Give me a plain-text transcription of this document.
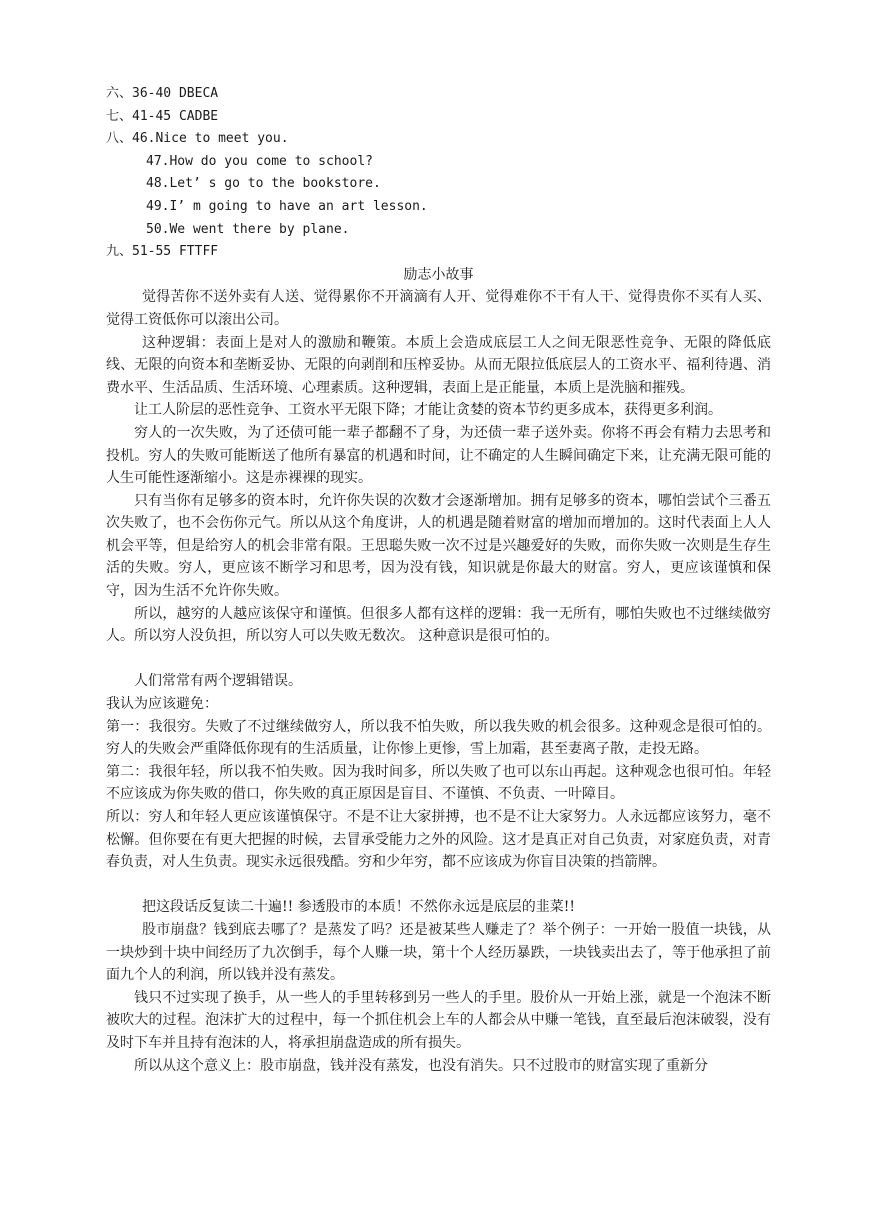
六、36-40 DBECA
七、41-45 CADBE
八、46.Nice to meet you.
47.How do you come to school?
48.Let’ s go to the bookstore.
49.I’ m going to have an art lesson.
50.We went there by plane.
九、51-55 FTTFF
励志小故事

觉得苦你不送外卖有人送、觉得累你不开滴滴有人开、觉得难你不干有人干、觉得贵你不买有人买、觉得工资低你可以滚出公司。

这种逻辑：表面上是对人的激励和鞭策。本质上会造成底层工人之间无限恶性竞争、无限的降低底线、无限的向资本和垄断妥协、无限的向剥削和压榨妥协。从而无限拉低底层人的工资水平、福利待遇、消费水平、生活品质、生活环境、心理素质。这种逻辑，表面上是正能量，本质上是洗脑和摧残。

让工人阶层的恶性竞争、工资水平无限下降；才能让贪婪的资本节约更多成本，获得更多利润。

穷人的一次失败，为了还债可能一辈子都翻不了身，为还债一辈子送外卖。你将不再会有精力去思考和投机。穷人的失败可能断送了他所有暴富的机遇和时间，让不确定的人生瞬间确定下来，让充满无限可能的人生可能性逐渐缩小。这是赤裸裸的现实。

只有当你有足够多的资本时，允许你失误的次数才会逐渐增加。拥有足够多的资本，哪怕尝试个三番五次失败了，也不会伤你元气。所以从这个角度讲，人的机遇是随着财富的增加而增加的。这时代表面上人人机会平等，但是给穷人的机会非常有限。王思聪失败一次不过是兴趣爱好的失败，而你失败一次则是生存生活的失败。穷人，更应该不断学习和思考，因为没有钱，知识就是你最大的财富。穷人，更应该谨慎和保守，因为生活不允许你失败。

所以，越穷的人越应该保守和谨慎。但很多人都有这样的逻辑：我一无所有，哪怕失败也不过继续做穷人。所以穷人没负担，所以穷人可以失败无数次。 这种意识是很可怕的。

人们常常有两个逻辑错误。

我认为应该避免：

第一：我很穷。失败了不过继续做穷人，所以我不怕失败，所以我失败的机会很多。这种观念是很可怕的。穷人的失败会严重降低你现有的生活质量，让你惨上更惨，雪上加霜，甚至妻离子散，走投无路。

第二：我很年轻，所以我不怕失败。因为我时间多，所以失败了也可以东山再起。这种观念也很可怕。年轻不应该成为你失败的借口，你失败的真正原因是盲目、不谨慎、不负责、一叶障目。

所以：穷人和年轻人更应该谨慎保守。不是不让大家拼搏，也不是不让大家努力。人永远都应该努力，毫不松懈。但你要在有更大把握的时候，去冒承受能力之外的风险。这才是真正对自己负责，对家庭负责，对青春负责，对人生负责。现实永远很残酷。穷和少年穷，都不应该成为你盲目决策的挡箭牌。

把这段话反复读二十遍!! 参透股市的本质！不然你永远是底层的韭菜!!

股市崩盘？钱到底去哪了？是蒸发了吗？还是被某些人赚走了？举个例子：一开始一股值一块钱，从一块炒到十块中间经历了九次倒手，每个人赚一块，第十个人经历暴跌，一块钱卖出去了，等于他承担了前面九个人的利润，所以钱并没有蒸发。

钱只不过实现了换手，从一些人的手里转移到另一些人的手里。股价从一开始上涨，就是一个泡沫不断被吹大的过程。泡沫扩大的过程中，每一个抓住机会上车的人都会从中赚一笔钱，直至最后泡沫破裂，没有及时下车并且持有泡沫的人，将承担崩盘造成的所有损失。

所以从这个意义上：股市崩盘，钱并没有蒸发，也没有消失。只不过股市的财富实现了重新分
